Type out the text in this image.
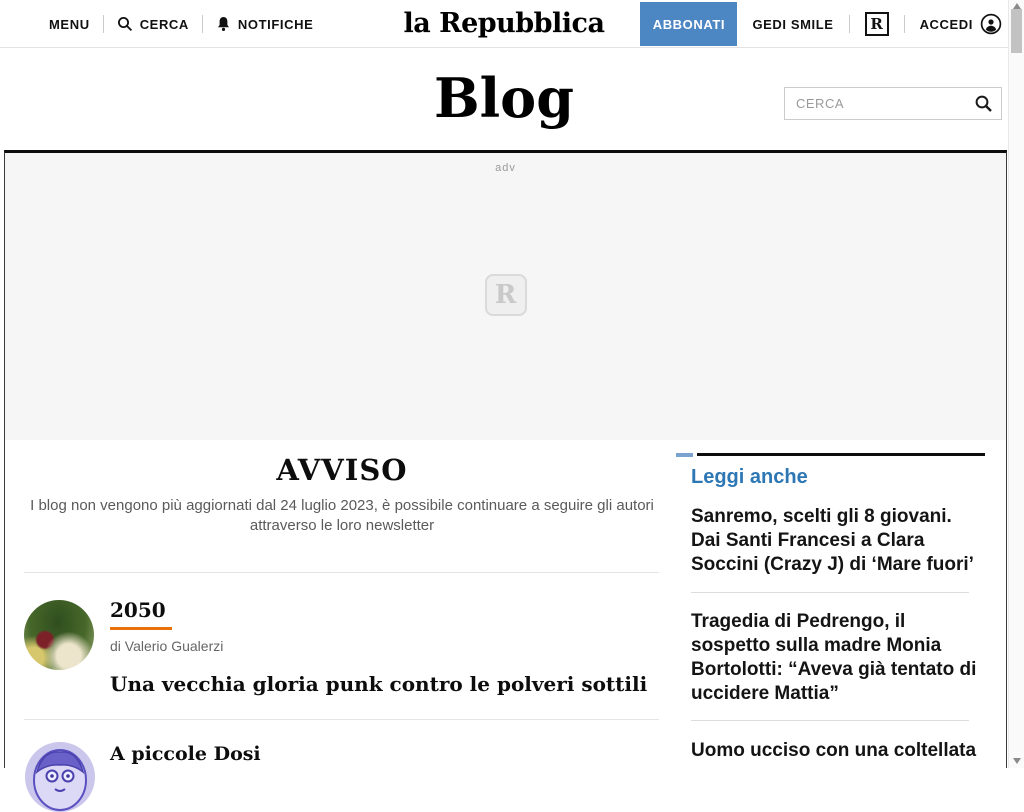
MENU	CERCA	NOTIFICHE	la Repubblica	ABBONATI	GEDI SMILE	R	ACCEDI
Blog
CERCA
adv
R
AVVISO
I blog non vengono più aggiornati dal 24 luglio 2023, è possibile continuare a seguire gli autori attraverso le loro newsletter
2050
di Valerio Gualerzi
Una vecchia gloria punk contro le polveri sottili
A piccole Dosi
Leggi anche
Sanremo, scelti gli 8 giovani. Dai Santi Francesi a Clara Soccini (Crazy J) di ‘Mare fuori’
Tragedia di Pedrengo, il sospetto sulla madre Monia Bortolotti: “Aveva già tentato di uccidere Mattia”
Uomo ucciso con una coltellata
